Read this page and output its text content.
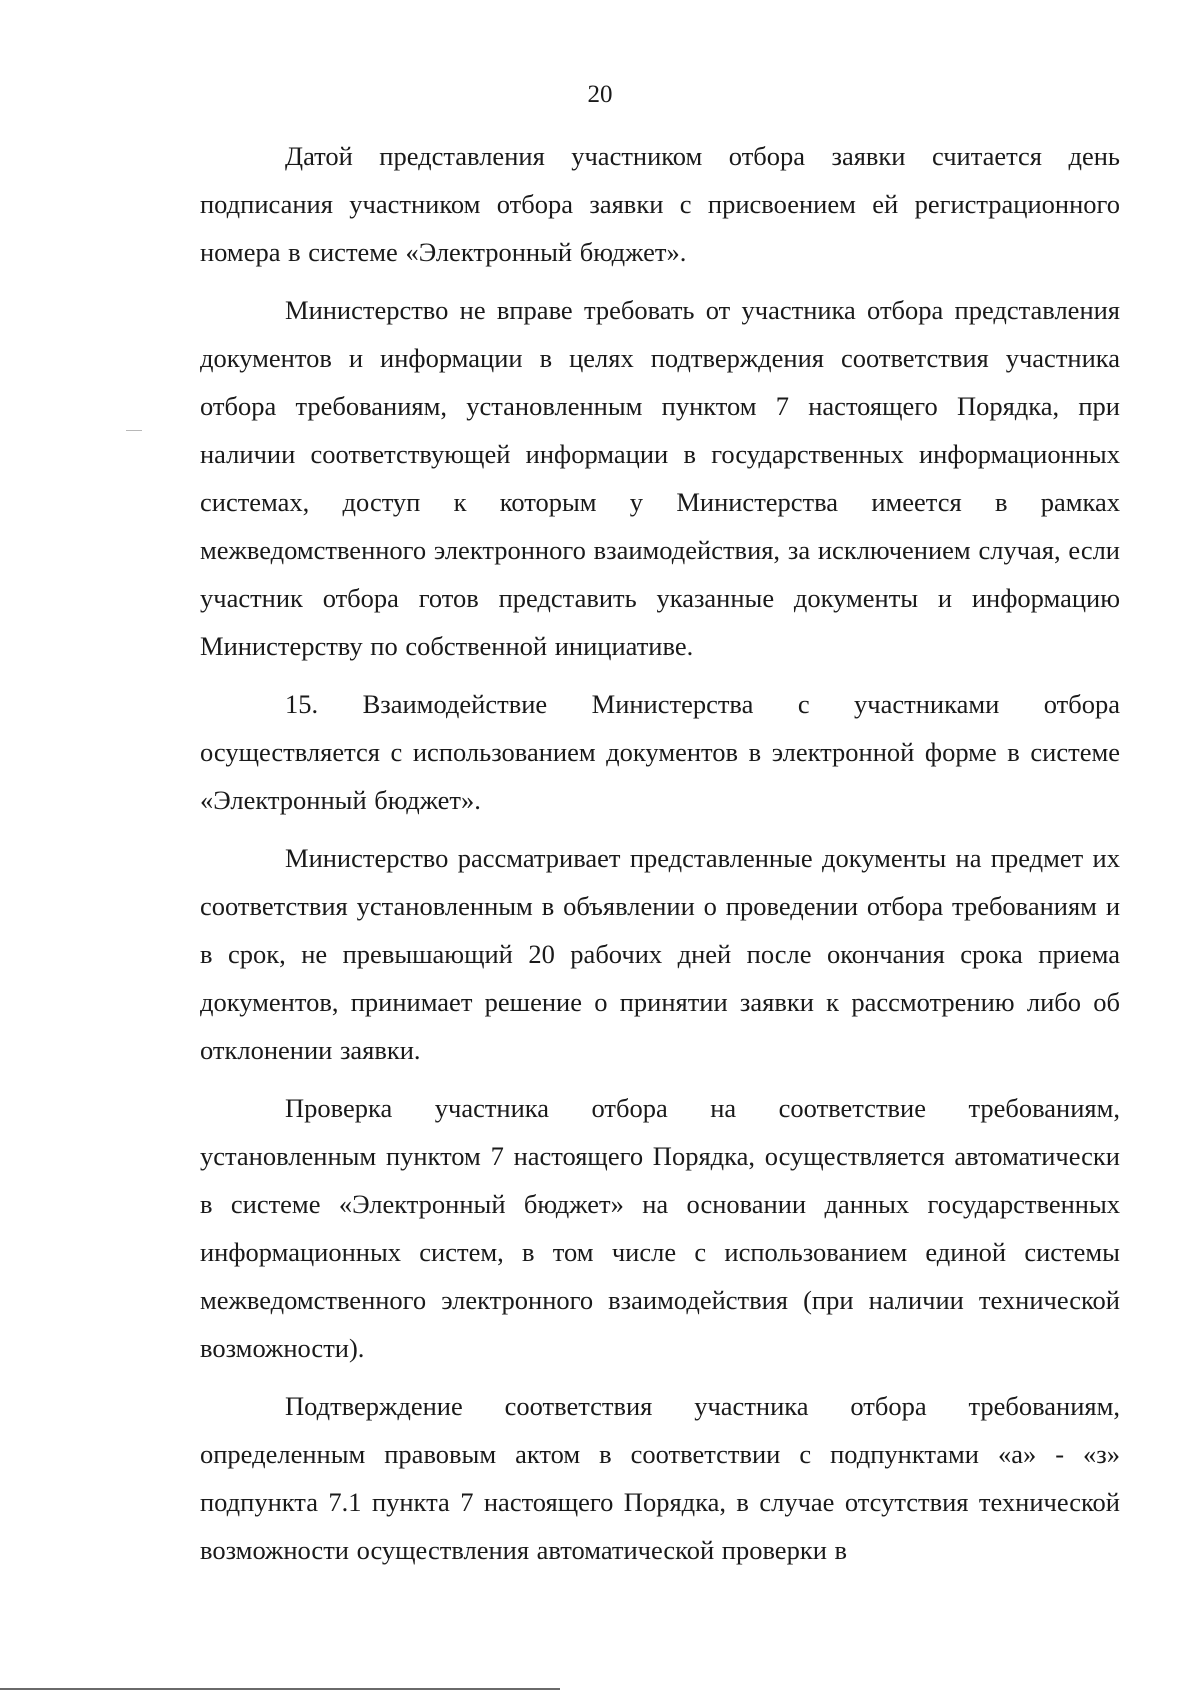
20

Датой представления участником отбора заявки считается день подписания участником отбора заявки с присвоением ей регистрационного номера в системе «Электронный бюджет».

Министерство не вправе требовать от участника отбора представления документов и информации в целях подтверждения соответствия участника отбора требованиям, установленным пунктом 7 настоящего Порядка, при наличии соответствующей информации в государственных информационных системах, доступ к которым у Министерства имеется в рамках межведомственного электронного взаимодействия, за исключением случая, если участник отбора готов представить указанные документы и информацию Министерству по собственной инициативе.

15. Взаимодействие Министерства с участниками отбора осуществляется с использованием документов в электронной форме в системе «Электронный бюджет».

Министерство рассматривает представленные документы на предмет их соответствия установленным в объявлении о проведении отбора требованиям и в срок, не превышающий 20 рабочих дней после окончания срока приема документов, принимает решение о принятии заявки к рассмотрению либо об отклонении заявки.

Проверка участника отбора на соответствие требованиям, установленным пунктом 7 настоящего Порядка, осуществляется автоматически в системе «Электронный бюджет» на основании данных государственных информационных систем, в том числе с использованием единой системы межведомственного электронного взаимодействия (при наличии технической возможности).

Подтверждение соответствия участника отбора требованиям, определенным правовым актом в соответствии с подпунктами «а» - «з» подпункта 7.1 пункта 7 настоящего Порядка, в случае отсутствия технической возможности осуществления автоматической проверки в
